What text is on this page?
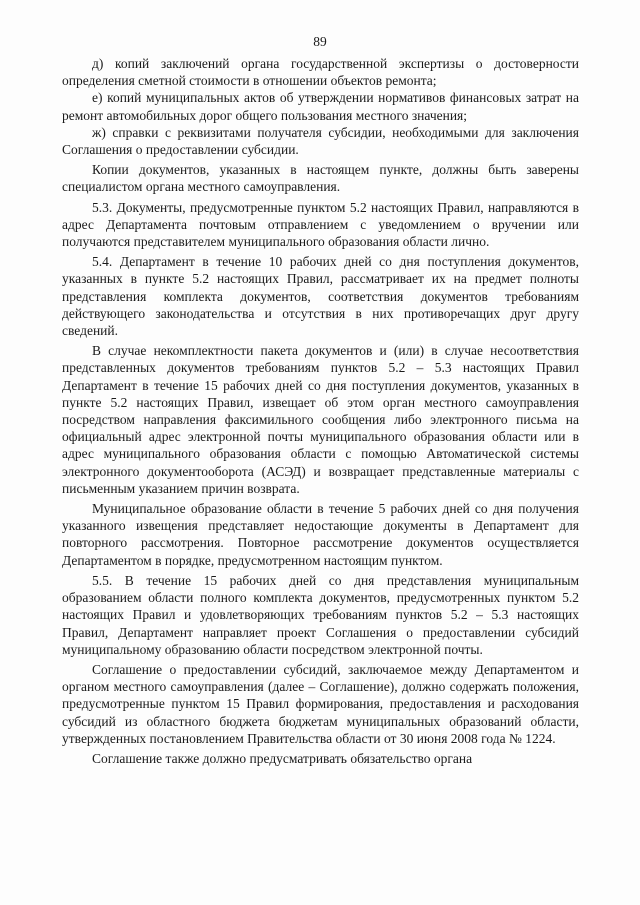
89

д) копий заключений органа государственной экспертизы о достоверности определения сметной стоимости в отношении объектов ремонта;

е) копий муниципальных актов об утверждении нормативов финансовых затрат на ремонт автомобильных дорог общего пользования местного значения;

ж) справки с реквизитами получателя субсидии, необходимыми для заключения Соглашения о предоставлении субсидии.

Копии документов, указанных в настоящем пункте, должны быть заверены специалистом органа местного самоуправления.

5.3. Документы, предусмотренные пунктом 5.2 настоящих Правил, направляются в адрес Департамента почтовым отправлением с уведомлением о вручении или получаются представителем муниципального образования области лично.

5.4. Департамент в течение 10 рабочих дней со дня поступления документов, указанных в пункте 5.2 настоящих Правил, рассматривает их на предмет полноты представления комплекта документов, соответствия документов требованиям действующего законодательства и отсутствия в них противоречащих друг другу сведений.

В случае некомплектности пакета документов и (или) в случае несоответствия представленных документов требованиям пунктов 5.2 – 5.3 настоящих Правил Департамент в течение 15 рабочих дней со дня поступления документов, указанных в пункте 5.2 настоящих Правил, извещает об этом орган местного самоуправления посредством направления факсимильного сообщения либо электронного письма на официальный адрес электронной почты муниципального образования области или в адрес муниципального образования области с помощью Автоматической системы электронного документооборота (АСЭД) и возвращает представленные материалы с письменным указанием причин возврата.

Муниципальное образование области в течение 5 рабочих дней со дня получения указанного извещения представляет недостающие документы в Департамент для повторного рассмотрения. Повторное рассмотрение документов осуществляется Департаментом в порядке, предусмотренном настоящим пунктом.

5.5. В течение 15 рабочих дней со дня представления муниципальным образованием области полного комплекта документов, предусмотренных пунктом 5.2 настоящих Правил и удовлетворяющих требованиям пунктов 5.2 – 5.3 настоящих Правил, Департамент направляет проект Соглашения о предоставлении субсидий муниципальному образованию области посредством электронной почты.

Соглашение о предоставлении субсидий, заключаемое между Департаментом и органом местного самоуправления (далее – Соглашение), должно содержать положения, предусмотренные пунктом 15 Правил формирования, предоставления и расходования субсидий из областного бюджета бюджетам муниципальных образований области, утвержденных постановлением Правительства области от 30 июня 2008 года № 1224.

Соглашение также должно предусматривать обязательство органа
